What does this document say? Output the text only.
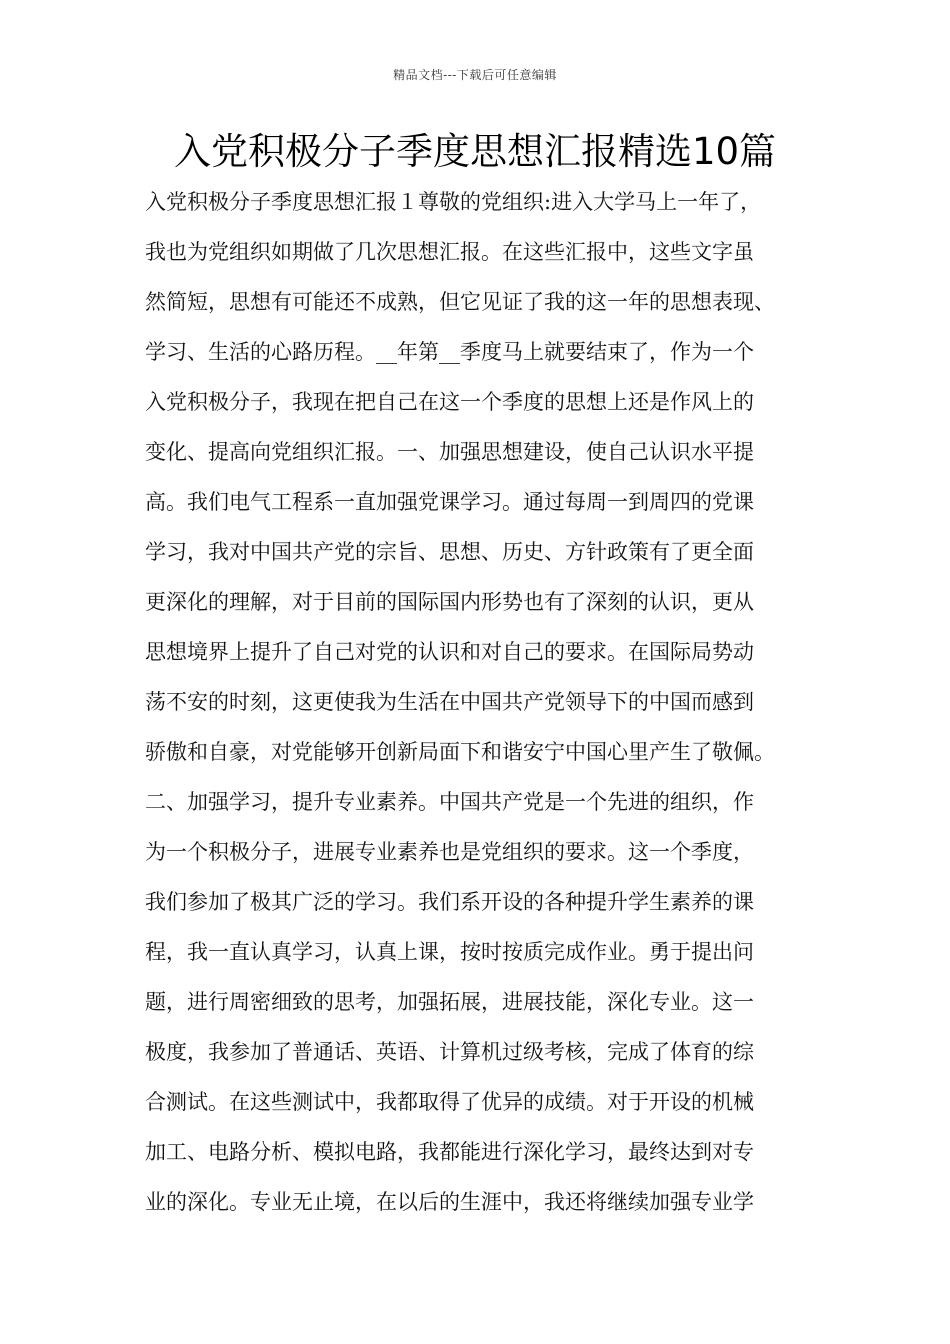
精品文档---下载后可任意编辑
入党积极分子季度思想汇报精选10篇
入党积极分子季度思想汇报１尊敬的党组织:进入大学马上一年了，
我也为党组织如期做了几次思想汇报。在这些汇报中，这些文字虽
然简短，思想有可能还不成熟，但它见证了我的这一年的思想表现、
学习、生活的心路历程。__年第__季度马上就要结束了，作为一个
入党积极分子，我现在把自己在这一个季度的思想上还是作风上的
变化、提高向党组织汇报。一、加强思想建设，使自己认识水平提
高。我们电气工程系一直加强党课学习。通过每周一到周四的党课
学习，我对中国共产党的宗旨、思想、历史、方针政策有了更全面
更深化的理解，对于目前的国际国内形势也有了深刻的认识，更从
思想境界上提升了自己对党的认识和对自己的要求。在国际局势动
荡不安的时刻，这更使我为生活在中国共产党领导下的中国而感到
骄傲和自豪，对党能够开创新局面下和谐安宁中国心里产生了敬佩。
二、加强学习，提升专业素养。中国共产党是一个先进的组织，作
为一个积极分子，进展专业素养也是党组织的要求。这一个季度，
我们参加了极其广泛的学习。我们系开设的各种提升学生素养的课
程，我一直认真学习，认真上课，按时按质完成作业。勇于提出问
题，进行周密细致的思考，加强拓展，进展技能，深化专业。这一
极度，我参加了普通话、英语、计算机过级考核，完成了体育的综
合测试。在这些测试中，我都取得了优异的成绩。对于开设的机械
加工、电路分析、模拟电路，我都能进行深化学习，最终达到对专
业的深化。专业无止境，在以后的生涯中，我还将继续加强专业学
